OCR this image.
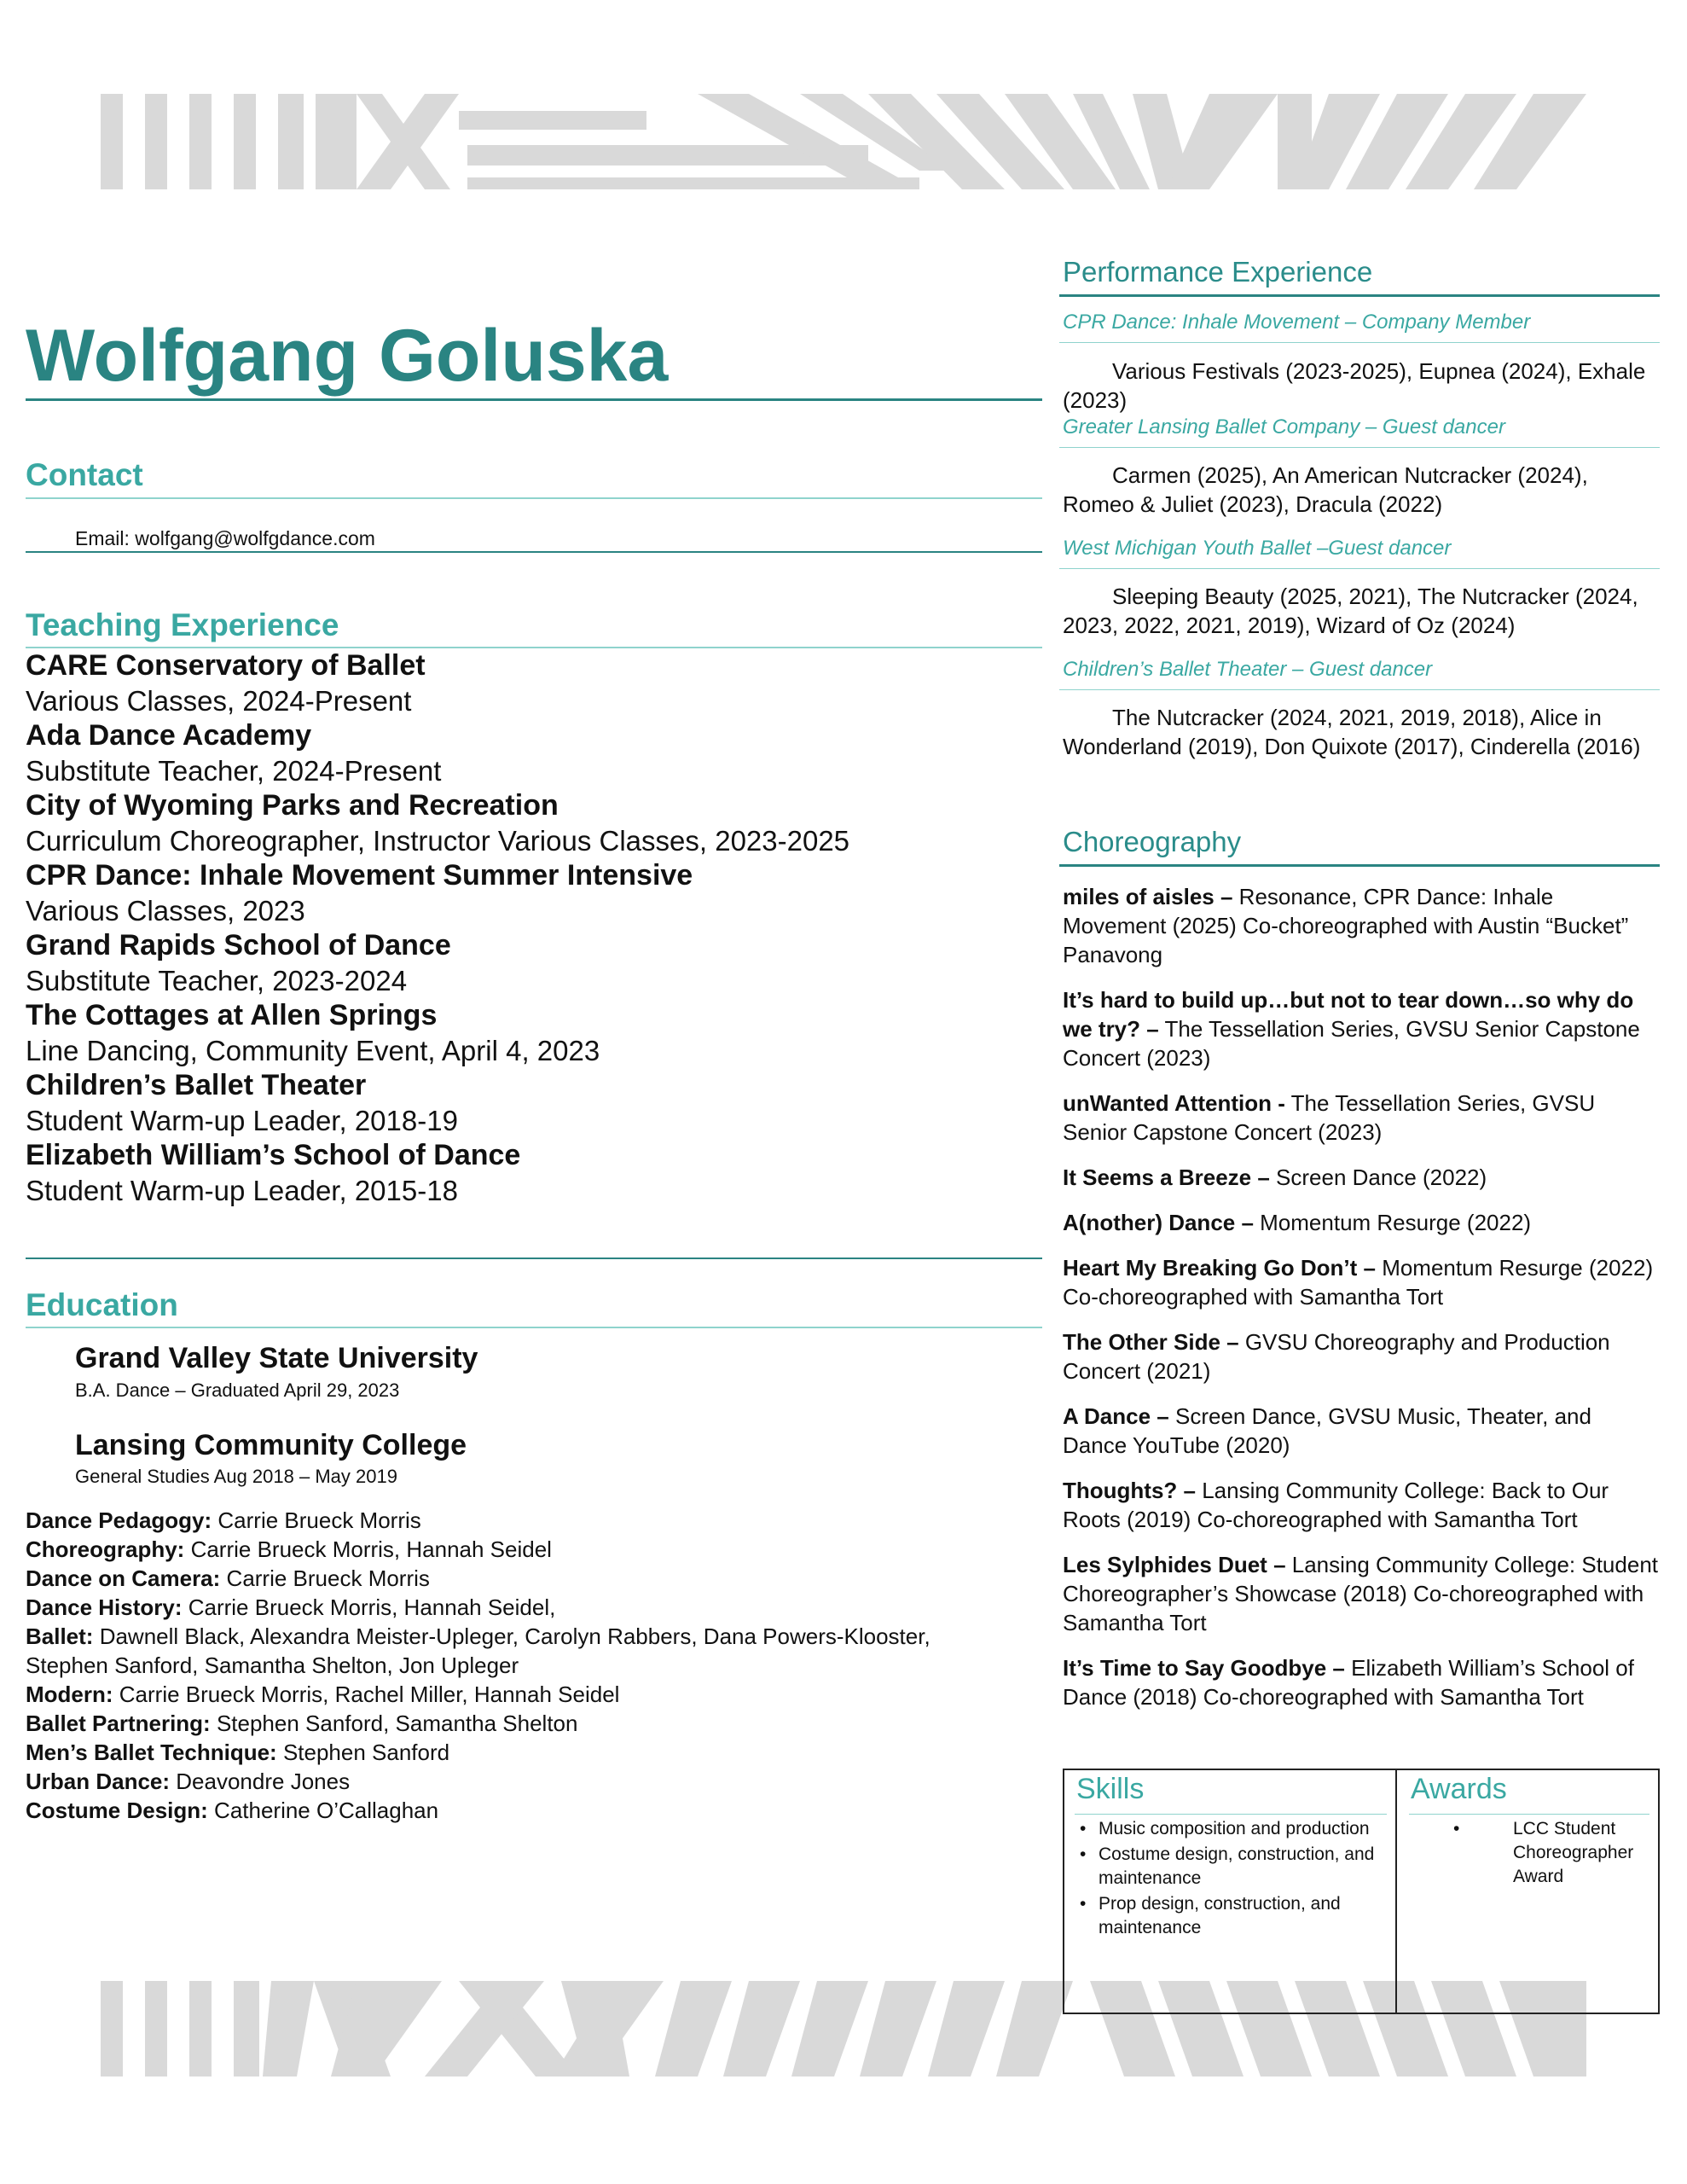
Wolfgang Goluska
Contact
Email: wolfgang@wolfgdance.com
Teaching Experience
CARE Conservatory of Ballet
Various Classes, 2024-Present
Ada Dance Academy
Substitute Teacher, 2024-Present
City of Wyoming Parks and Recreation
Curriculum Choreographer, Instructor Various Classes, 2023-2025
CPR Dance: Inhale Movement Summer Intensive
Various Classes, 2023
Grand Rapids School of Dance
Substitute Teacher, 2023-2024
The Cottages at Allen Springs
Line Dancing, Community Event, April 4, 2023
Children’s Ballet Theater
Student Warm-up Leader, 2018-19
Elizabeth William’s School of Dance
Student Warm-up Leader, 2015-18
Education
Grand Valley State University
B.A. Dance – Graduated April 29, 2023
Lansing Community College
General Studies Aug 2018 – May 2019
Dance Pedagogy: Carrie Brueck Morris
Choreography: Carrie Brueck Morris, Hannah Seidel
Dance on Camera: Carrie Brueck Morris
Dance History: Carrie Brueck Morris, Hannah Seidel,
Ballet: Dawnell Black, Alexandra Meister-Upleger, Carolyn Rabbers, Dana Powers-Klooster, Stephen Sanford, Samantha Shelton, Jon Upleger
Modern: Carrie Brueck Morris, Rachel Miller, Hannah Seidel
Ballet Partnering: Stephen Sanford, Samantha Shelton
Men’s Ballet Technique: Stephen Sanford
Urban Dance: Deavondre Jones
Costume Design: Catherine O’Callaghan
Performance Experience
CPR Dance: Inhale Movement – Company Member
Various Festivals (2023-2025), Eupnea (2024), Exhale (2023)
Greater Lansing Ballet Company – Guest dancer
Carmen (2025), An American Nutcracker (2024), Romeo & Juliet (2023), Dracula (2022)
West Michigan Youth Ballet –Guest dancer
Sleeping Beauty (2025, 2021), The Nutcracker (2024, 2023, 2022, 2021, 2019), Wizard of Oz (2024)
Children’s Ballet Theater – Guest dancer
The Nutcracker (2024, 2021, 2019, 2018), Alice in Wonderland (2019), Don Quixote (2017), Cinderella (2016)
Choreography
miles of aisles – Resonance, CPR Dance: Inhale Movement (2025) Co-choreographed with Austin “Bucket” Panavong
It’s hard to build up…but not to tear down…so why do we try? – The Tessellation Series, GVSU Senior Capstone Concert (2023)
unWanted Attention - The Tessellation Series, GVSU Senior Capstone Concert (2023)
It Seems a Breeze – Screen Dance (2022)
A(nother) Dance – Momentum Resurge (2022)
Heart My Breaking Go Don’t – Momentum Resurge (2022) Co-choreographed with Samantha Tort
The Other Side – GVSU Choreography and Production Concert (2021)
A Dance – Screen Dance, GVSU Music, Theater, and Dance YouTube (2020)
Thoughts? – Lansing Community College: Back to Our Roots (2019) Co-choreographed with Samantha Tort
Les Sylphides Duet – Lansing Community College: Student Choreographer’s Showcase (2018) Co-choreographed with Samantha Tort
It’s Time to Say Goodbye – Elizabeth William’s School of Dance (2018) Co-choreographed with Samantha Tort
Skills
• Music composition and production
• Costume design, construction, and maintenance
• Prop design, construction, and maintenance
Awards
• LCC Student Choreographer Award
